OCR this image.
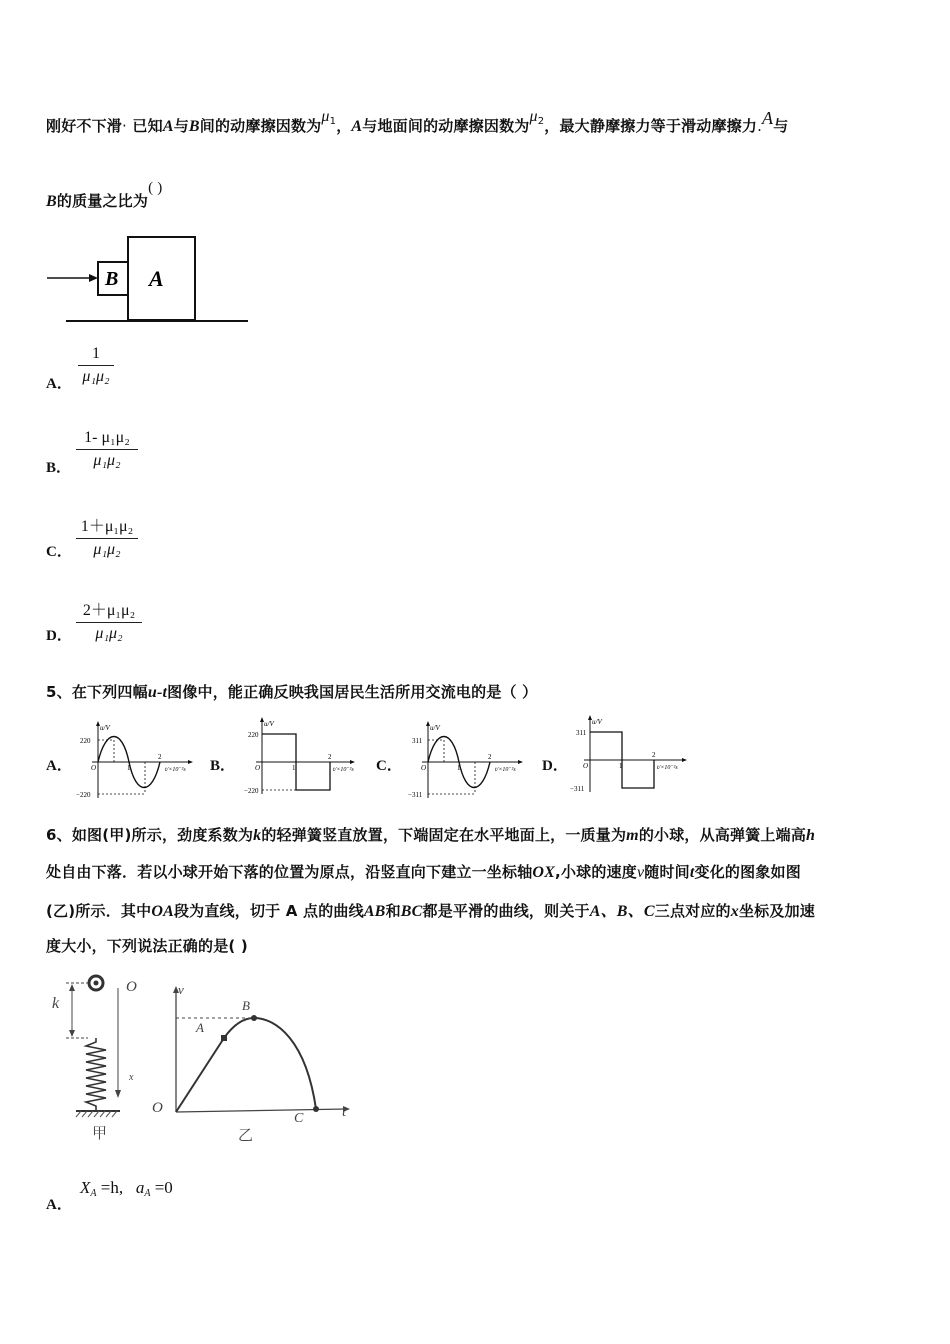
刚好不下滑· 已知A与B间的动摩擦因数为$\mu_1$，A与地面间的动摩擦因数为$\mu_2$，最大静摩擦力等于滑动摩擦力.A与
B的质量之比为( )
B A
A．
1
μ₁μ₂
B．
1- μ₁μ₂
μ₁μ₂
C．
1＋μ₁μ₂
μ₁μ₂
D．
2＋μ₁μ₂
μ₁μ₂
5、在下列四幅u-t图像中，能正确反映我国居民生活所用交流电的是（ ）
A．
u/V
220
−220
O	1
2
t/×10⁻²s B．
u/V
220
−220
O	1
2
t/×10⁻²s C．
u/V
311
−311
O	1
2
t/×10⁻²s D．
u/V
311
−311
O	1
2
t/×10⁻²s
6、如图(甲)所示，劲度系数为k的轻弹簧竖直放置，下端固定在水平地面上，一质量为m的小球，从高弹簧上端高h
处自由下落．若以小球开始下落的位置为原点，沿竖直向下建立一坐标轴OX,小球的速度v随时间t变化的图象如图
(乙)所示．其中OA段为直线，切于 A 点的曲线AB和BC都是平滑的曲线，则关于A、B、C三点对应的x坐标及加速
度大小，下列说法正确的是( )
k
O
x
甲
v
O	t
A
B
C
乙
A．
$X_A =h$, $a_A =0$
